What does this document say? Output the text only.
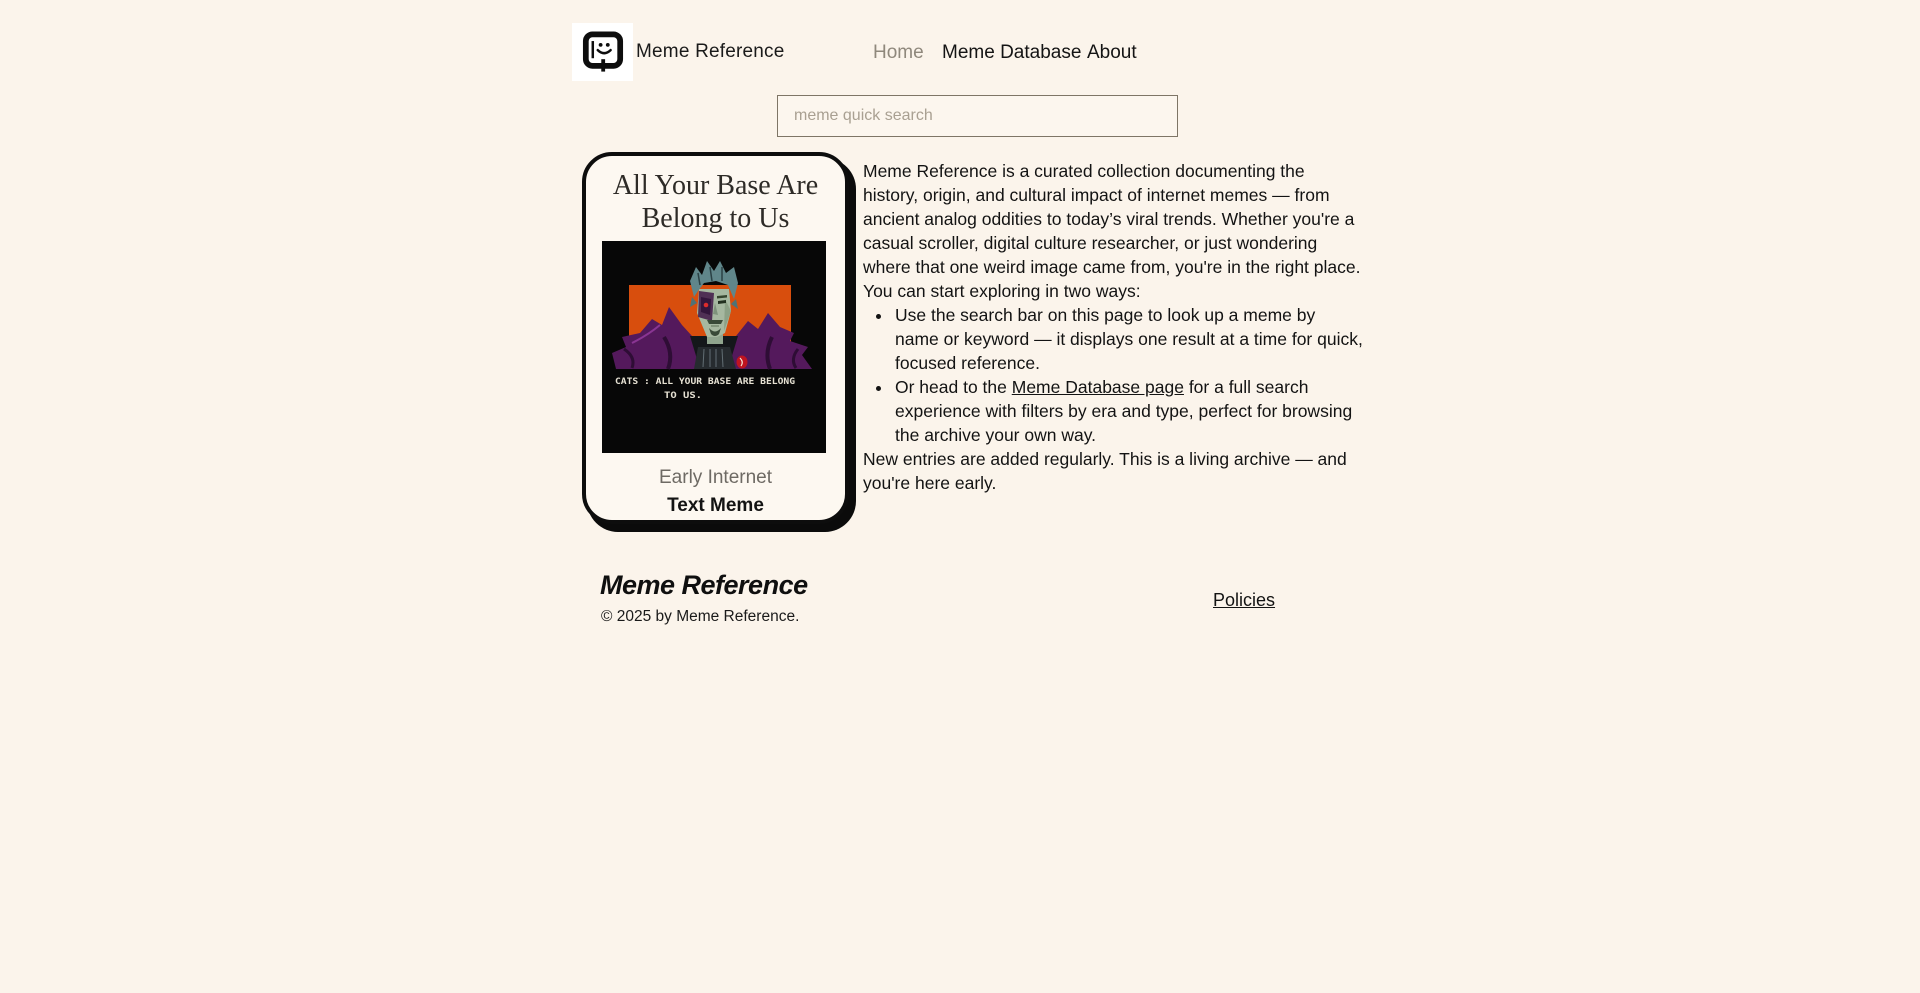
Meme Reference	Home Meme Database About
meme quick search
All Your Base Are
Belong to Us
CATS : ALL YOUR BASE ARE BELONG
TO US.
Early Internet
Text Meme

Meme Reference is a curated collection documenting the history, origin, and cultural impact of internet memes — from ancient analog oddities to today’s viral trends. Whether you're a casual scroller, digital culture researcher, or just wondering where that one weird image came from, you're in the right place.

You can start exploring in two ways:

• Use the search bar on this page to look up a meme by name or keyword — it displays one result at a time for quick, focused reference.
• Or head to the Meme Database page for a full search experience with filters by era and type, perfect for browsing the archive your own way.

New entries are added regularly. This is a living archive — and you're here early.

Meme Reference
© 2025 by Meme Reference.
Policies
